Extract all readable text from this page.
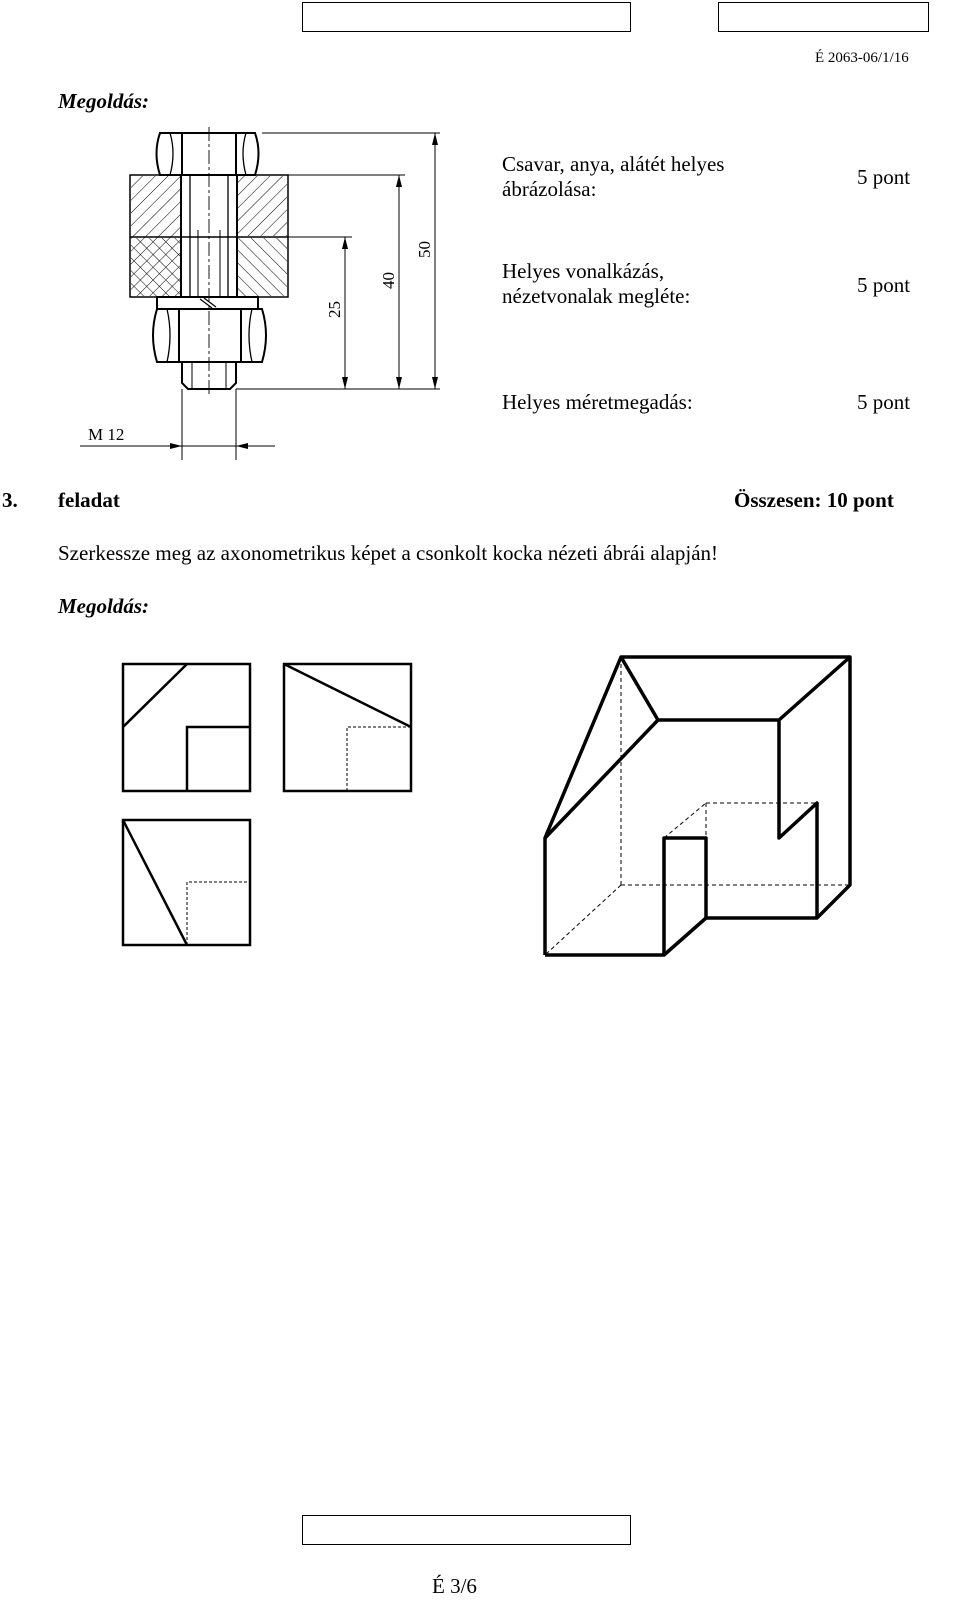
É 2063-06/1/16
Megoldás:
25
40
50
M 12
Csavar, anya, alátét helyes
ábrázolása:	5 pont
Helyes vonalkázás,
nézetvonalak megléte:	5 pont
Helyes méretmegadás:	5 pont
3. feladat	Összesen: 10 pont
Szerkessze meg az axonometrikus képet a csonkolt kocka nézeti ábrái alapján!
Megoldás:
É 3/6
